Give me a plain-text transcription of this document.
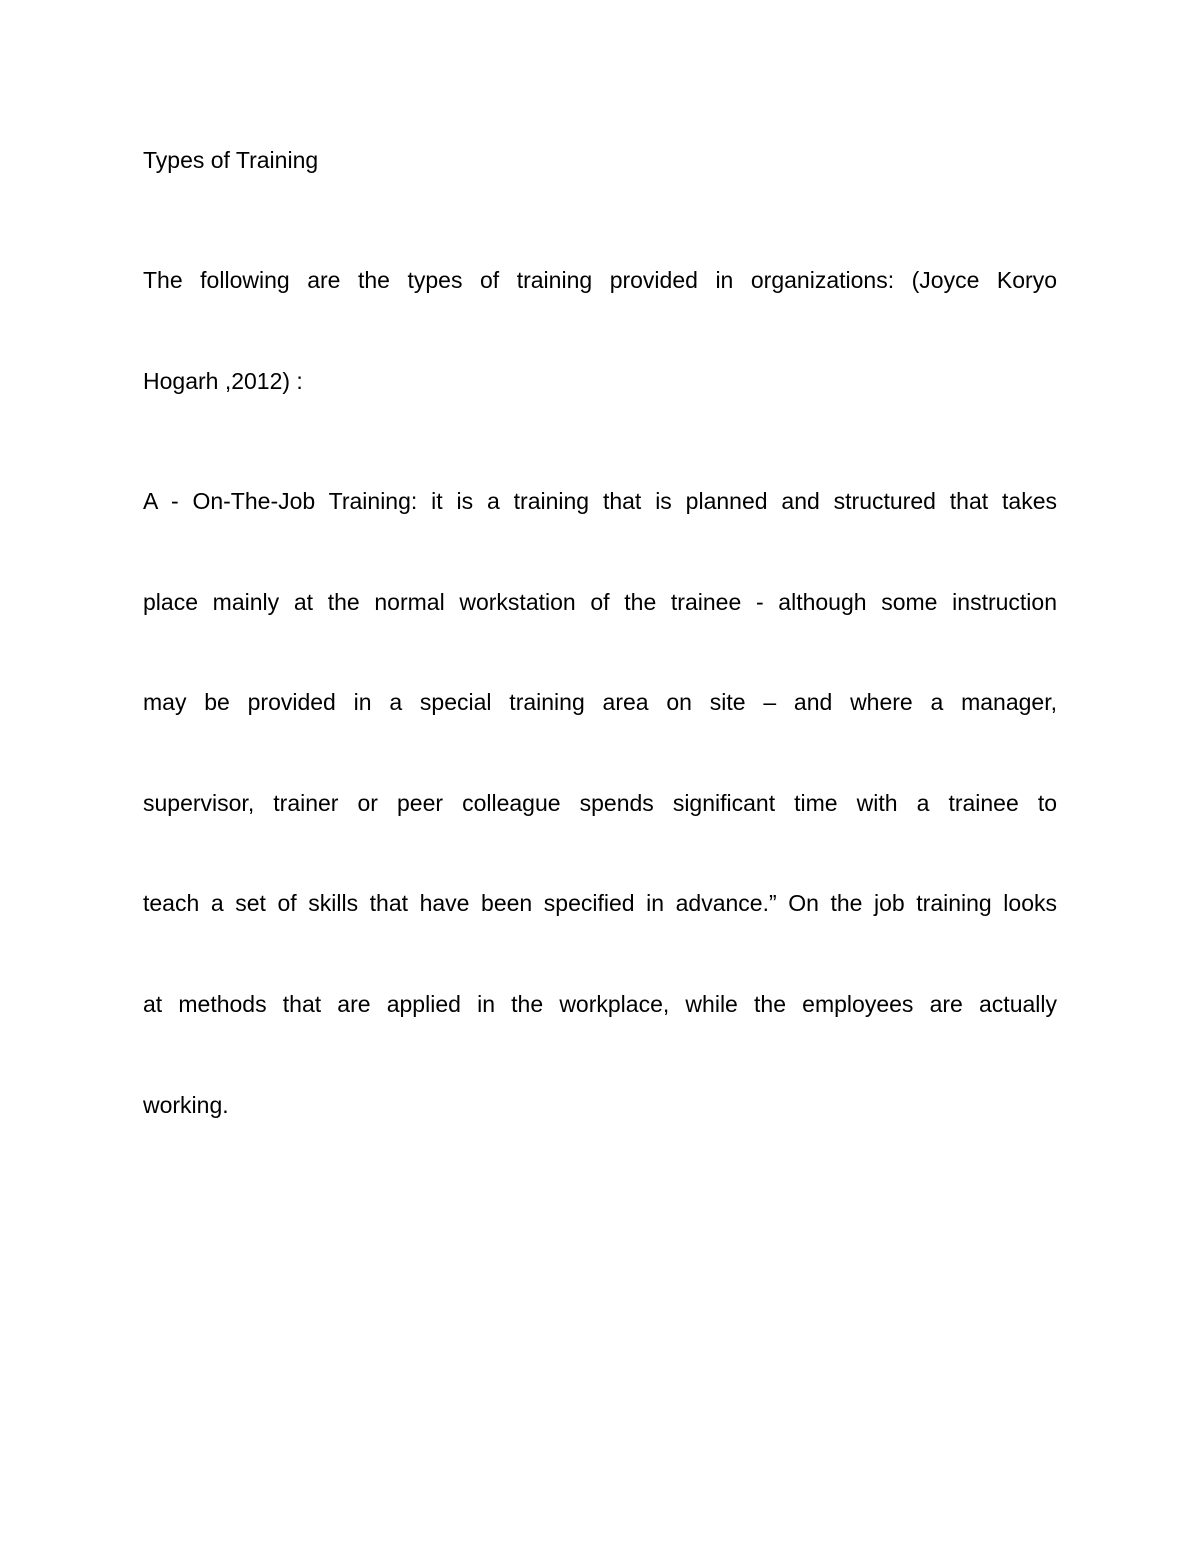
Types of Training
The following are the types of training provided in organizations: (Joyce Koryo
Hogarh ,2012) :
A - On-The-Job Training: it is a training that is planned and structured that takes
place mainly at the normal workstation of the trainee - although some instruction
may be provided in a special training area on site – and where a manager,
supervisor, trainer or peer colleague spends significant time with a trainee to
teach a set of skills that have been specified in advance.” On the job training looks
at methods that are applied in the workplace, while the employees are actually
working.
